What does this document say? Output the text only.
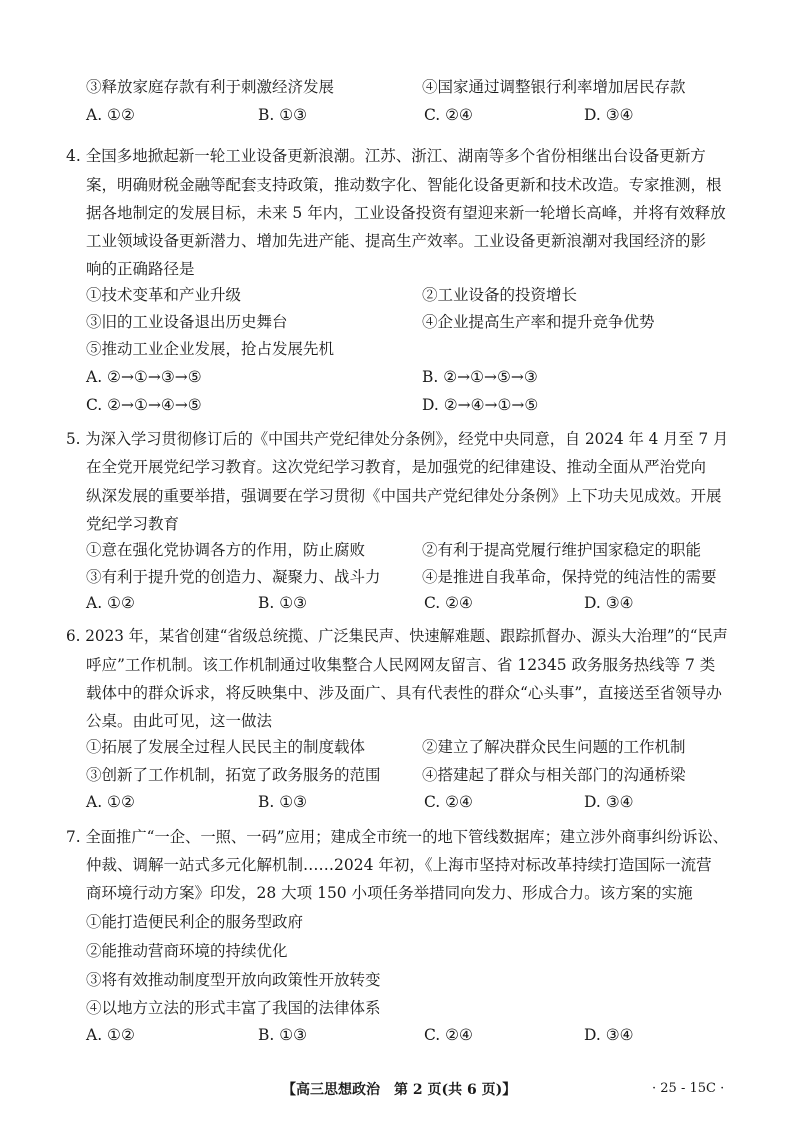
③释放家庭存款有利于刺激经济发展	④国家通过调整银行利率增加居民存款
A. ①②	B. ①③	C. ②④	D. ③④
4. 全国多地掀起新一轮工业设备更新浪潮。江苏、浙江、湖南等多个省份相继出台设备更新方
案，明确财税金融等配套支持政策，推动数字化、智能化设备更新和技术改造。专家推测，根
据各地制定的发展目标，未来 5 年内，工业设备投资有望迎来新一轮增长高峰，并将有效释放
工业领域设备更新潜力、增加先进产能、提高生产效率。工业设备更新浪潮对我国经济的影
响的正确路径是
①技术变革和产业升级	②工业设备的投资增长
③旧的工业设备退出历史舞台	④企业提高生产率和提升竞争优势
⑤推动工业企业发展，抢占发展先机
A. ②→①→③→⑤	B. ②→①→⑤→③
C. ②→①→④→⑤	D. ②→④→①→⑤
5. 为深入学习贯彻修订后的《中国共产党纪律处分条例》，经党中央同意，自 2024 年 4 月至 7 月
在全党开展党纪学习教育。这次党纪学习教育，是加强党的纪律建设、推动全面从严治党向
纵深发展的重要举措，强调要在学习贯彻《中国共产党纪律处分条例》上下功夫见成效。开展
党纪学习教育
①意在强化党协调各方的作用，防止腐败	②有利于提高党履行维护国家稳定的职能
③有利于提升党的创造力、凝聚力、战斗力	④是推进自我革命，保持党的纯洁性的需要
A. ①②	B. ①③	C. ②④	D. ③④
6. 2023 年，某省创建“省级总统揽、广泛集民声、快速解难题、跟踪抓督办、源头大治理”的“民声
呼应”工作机制。该工作机制通过收集整合人民网网友留言、省 12345 政务服务热线等 7 类
载体中的群众诉求，将反映集中、涉及面广、具有代表性的群众“心头事”，直接送至省领导办
公桌。由此可见，这一做法
①拓展了发展全过程人民民主的制度载体	②建立了解决群众民生问题的工作机制
③创新了工作机制，拓宽了政务服务的范围	④搭建起了群众与相关部门的沟通桥梁
A. ①②	B. ①③	C. ②④	D. ③④
7. 全面推广“一企、一照、一码”应用；建成全市统一的地下管线数据库；建立涉外商事纠纷诉讼、
仲裁、调解一站式多元化解机制……2024 年初，《上海市坚持对标改革持续打造国际一流营
商环境行动方案》印发，28 大项 150 小项任务举措同向发力、形成合力。该方案的实施
①能打造便民利企的服务型政府
②能推动营商环境的持续优化
③将有效推动制度型开放向政策性开放转变
④以地方立法的形式丰富了我国的法律体系
A. ①②	B. ①③	C. ②④	D. ③④
【高三思想政治　第 2 页(共 6 页)】	· 25 - 15C ·
